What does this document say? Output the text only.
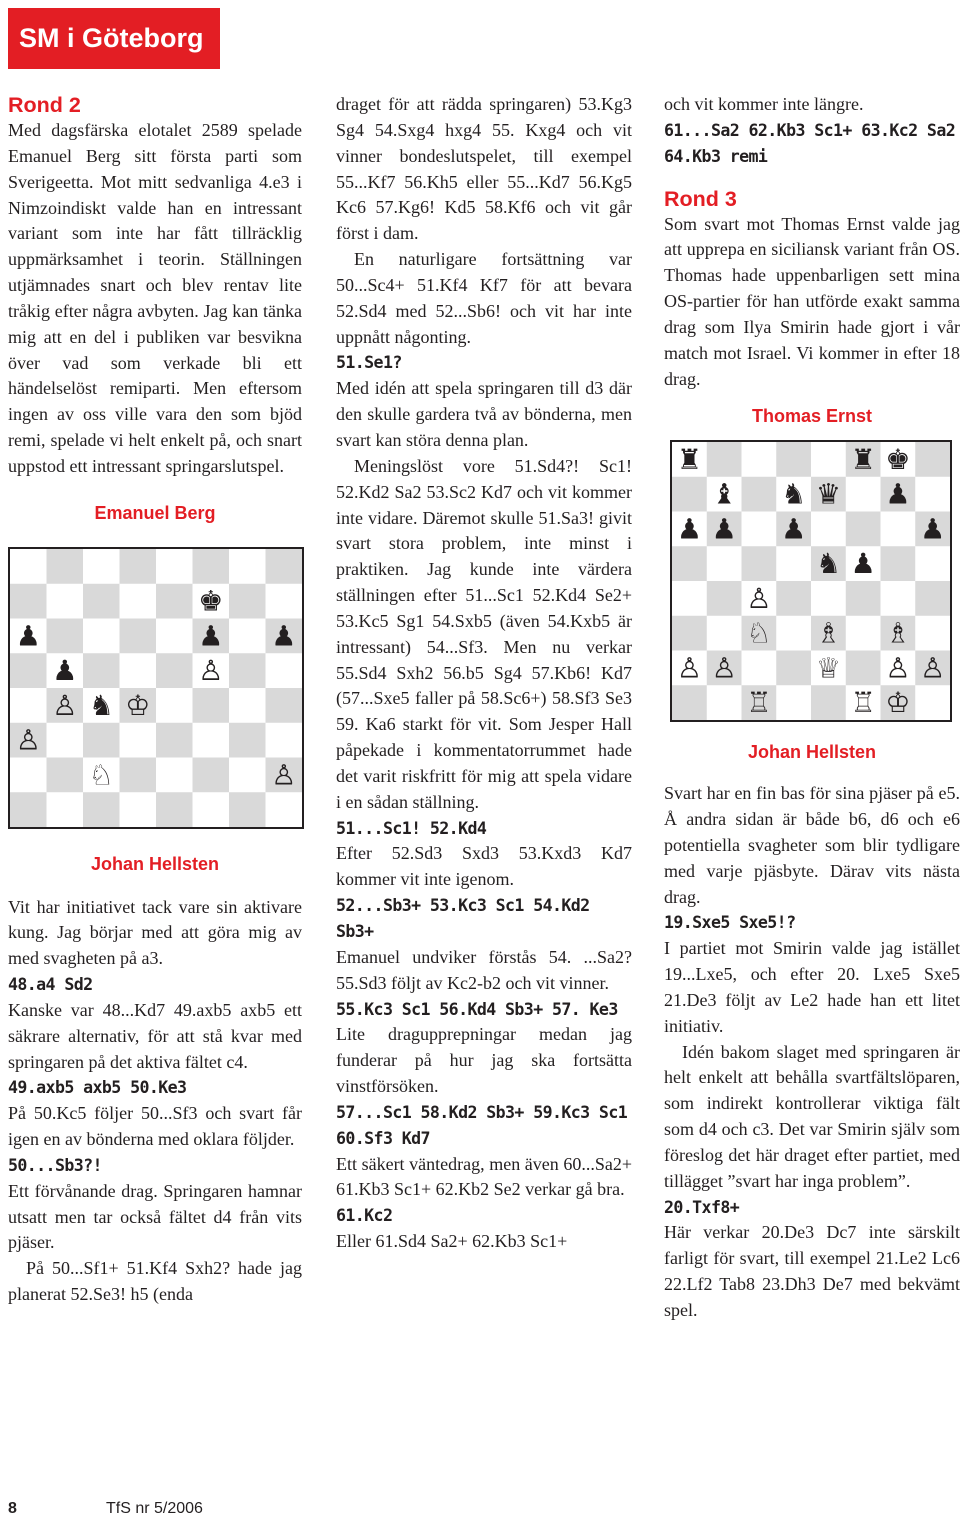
SM i Göteborg

Rond 2

Med dagsfärska elotalet 2589 spelade Emanuel Berg sitt första parti som Sverigeetta. Mot mitt sedvanliga 4.e3 i Nimzoindiskt valde han en intressant variant som inte har fått tillräcklig uppmärksamhet i teorin. Ställningen utjämnades snart och blev rentav lite tråkig efter några avbyten. Jag kan tänka mig att en del i publiken var besvikna över vad som verkade bli ett händelselöst remiparti. Men eftersom ingen av oss ville vara den som bjöd remi, spelade vi helt enkelt på, och snart uppstod ett intressant springarslutspel.

Emanuel Berg

♚
♟	♟ ♟
♟	♙
♙ ♞ ♔
♙
♘	♙

Johan Hellsten

Vit har initiativet tack vare sin aktivare kung. Jag börjar med att göra mig av med svagheten på a3.

48.a4 Sd2

Kanske var 48...Kd7 49.axb5 axb5 ett säkrare alternativ, för att stå kvar med springaren på det aktiva fältet c4.

49.axb5 axb5 50.Ke3

På 50.Kc5 följer 50...Sf3 och svart får igen en av bönderna med oklara följder.

50...Sb3?!

Ett förvånande drag. Springaren hamnar utsatt men tar också fältet d4 från vits pjäser.

På 50...Sf1+ 51.Kf4 Sxh2? hade jag planerat 52.Se3! h5 (enda

draget för att rädda springaren) 53.Kg3 Sg4 54.Sxg4 hxg4 55. Kxg4 och vit vinner bondeslutspelet, till exempel 55...Kf7 56.Kh5 eller 55...Kd7 56.Kg5 Kc6 57.Kg6! Kd5 58.Kf6 och vit går först i dam.

En naturligare fortsättning var 50...Sc4+ 51.Kf4 Kf7 för att bevara 52.Sd4 med 52...Sb6! och vit har inte uppnått någonting.

51.Se1?

Med idén att spela springaren till d3 där den skulle gardera två av bönderna, men svart kan störa denna plan.

Meningslöst vore 51.Sd4?! Sc1! 52.Kd2 Sa2 53.Sc2 Kd7 och vit kommer inte vidare. Däremot skulle 51.Sa3! givit svart stora problem, inte minst i praktiken. Jag kunde inte värdera ställningen efter 51...Sc1 52.Kd4 Se2+ 53.Kc5 Sg1 54.Sxb5 (även 54.Kxb5 är intressant) 54...Sf3. Men nu verkar 55.Sd4 Sxh2 56.b5 Sg4 57.Kb6! Kd7 (57...Sxe5 faller på 58.Sc6+) 58.Sf3 Se3 59. Ka6 starkt för vit. Som Jesper Hall påpekade i kommentatorrummet hade det varit riskfritt för mig att spela vidare i en sådan ställning.

51...Sc1! 52.Kd4

Efter 52.Sd3 Sxd3 53.Kxd3 Kd7 kommer vit inte igenom.

52...Sb3+ 53.Kc3 Sc1 54.Kd2 Sb3+

Emanuel undviker förstås 54. ...Sa2? 55.Sd3 följt av Kc2-b2 och vit vinner.

55.Kc3 Sc1 56.Kd4 Sb3+ 57. Ke3

Lite dragupprepningar medan jag funderar på hur jag ska fortsätta vinstförsöken.

57...Sc1 58.Kd2 Sb3+ 59.Kc3 Sc1 60.Sf3 Kd7

Ett säkert väntedrag, men även 60...Sa2+ 61.Kb3 Sc1+ 62.Kb2 Se2 verkar gå bra.

61.Kc2

Eller 61.Sd4 Sa2+ 62.Kb3 Sc1+

och vit kommer inte längre.

61...Sa2 62.Kb3 Sc1+ 63.Kc2 Sa2 64.Kb3 remi

Rond 3

Som svart mot Thomas Ernst valde jag att upprepa en siciliansk variant från OS. Thomas hade uppenbarligen sett mina OS-partier för han utförde exakt samma drag som Ilya Smirin hade gjort i vår match mot Israel. Vi kommer in efter 18 drag.

Thomas Ernst

♜	♜ ♚
♝ ♞ ♛ ♟
♟ ♟ ♟	♟
♞ ♟
♙
♘ ♗ ♗
♙ ♙	♕ ♙ ♙
♖	♖ ♔

Johan Hellsten

Svart har en fin bas för sina pjäser på e5. Å andra sidan är både b6, d6 och e6 potentiella svagheter som blir tydligare med varje pjäsbyte. Därav vits nästa drag.

19.Sxe5 Sxe5!?

I partiet mot Smirin valde jag istället 19...Lxe5, och efter 20. Lxe5 Sxe5 21.De3 följt av Le2 hade han ett litet initiativ.

Idén bakom slaget med springaren är helt enkelt att behålla svartfältslöparen, som indirekt kontrollerar viktiga fält som d4 och c3. Det var Smirin själv som föreslog det här draget efter partiet, med tillägget ”svart har inga problem”.

20.Txf8+

Här verkar 20.De3 Dc7 inte särskilt farligt för svart, till exempel 21.Le2 Lc6 22.Lf2 Tab8 23.Dh3 De7 med bekvämt spel.

8	TfS nr 5/2006
